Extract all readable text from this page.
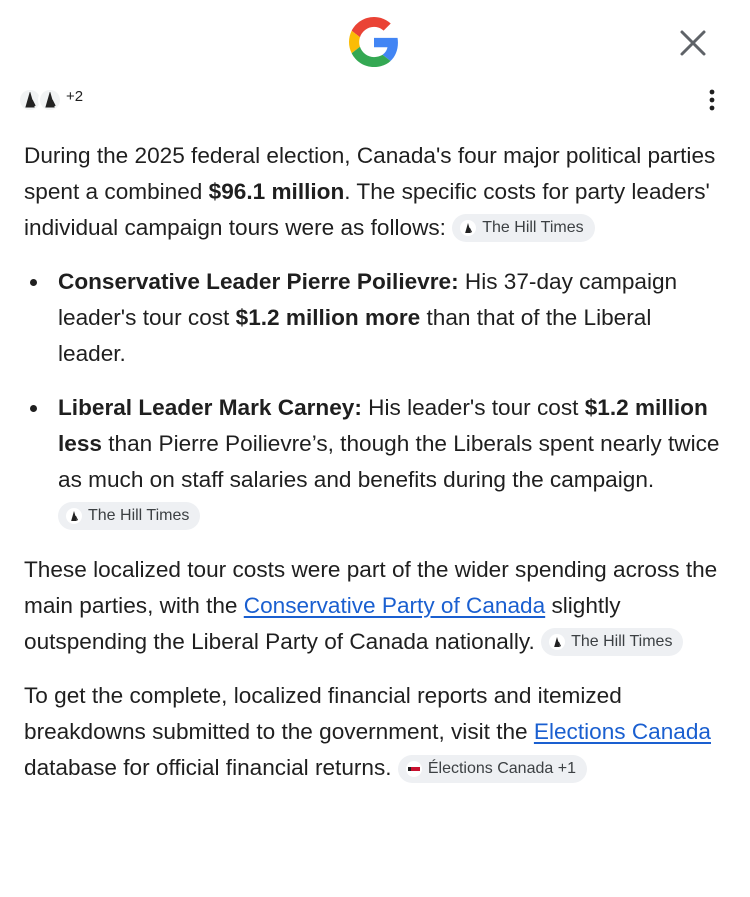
+2

During the 2025 federal election, Canada's four major political parties spent a combined $96.1 million. The specific costs for party leaders' individual campaign tours were as follows: The Hill Times

Conservative Leader Pierre Poilievre: His 37-day campaign leader's tour cost $1.2 million more than that of the Liberal leader.
Liberal Leader Mark Carney: His leader's tour cost $1.2 million less than Pierre Poilievre’s, though the Liberals spent nearly twice as much on staff salaries and benefits during the campaign.
The Hill Times

These localized tour costs were part of the wider spending across the main parties, with the Conservative Party of Canada slightly outspending the Liberal Party of Canada nationally. The Hill Times

To get the complete, localized financial reports and itemized breakdowns submitted to the government, visit the Elections Canada database for official financial returns. Élections Canada +1
